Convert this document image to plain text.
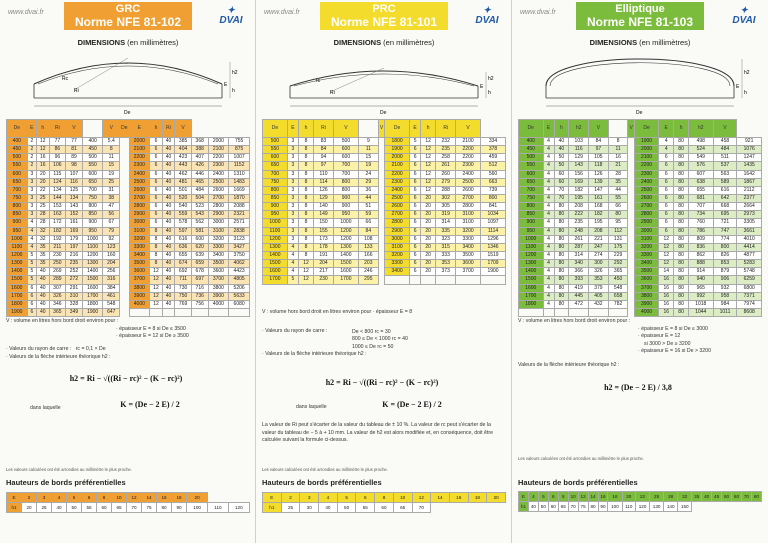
www.dvai.fr	GRC
Norme NFE 81-102
✦
DVAI
DIMENSIONS (en millimètres)
Rc
Ri
h2
h
E
De
De	E	h	Ri	V		V	De	E	h	Ri	V			
400	2	12	77	77	400	5.4		2000	6	40	385	368	2000	755
450	2	12	86	81	450	8		2100	6	40	404	388	2100	875
500	2	16	96	89	500	11		2200	6	40	423	407	2200	1007
550	2	16	106	98	550	15		2300	6	40	443	426	2300	1152
600	3	20	115	107	600	19		2400	6	40	462	446	2400	1310
650	3	20	124	116	650	25		2500	6	40	481	465	2500	1483
700	3	22	134	125	700	31		2600	6	40	501	484	2600	1669
750	3	25	144	134	750	38		2700	6	40	520	504	2700	1870
800	3	25	153	143	800	47		2800	6	40	540	523	2800	2088
850	3	28	163	152	850	56		2900	6	40	559	543	2900	2321
900	4	28	172	161	900	67		3000	6	40	578	562	3000	2571
950	4	32	182	169	950	79		3100	8	40	597	581	3100	2838
1000	4	32	192	179	1000	92		3200	8	40	616	600	3200	3123
1100	4	35	211	197	1100	123		3300	8	40	636	620	3300	3427
1200	5	35	230	216	1200	160		3400	8	40	655	639	3400	3750
1300	5	35	250	235	1300	204		3500	8	40	674	659	3500	4062
1400	5	40	269	252	1400	256		3600	12	40	692	678	3600	4423
1500	5	40	289	272	1500	316		3700	12	40	711	697	3700	4805
1600	6	40	307	291	1600	384		3800	12	40	730	716	3800	5206
1700	6	40	326	310	1700	461		3900	12	40	750	736	3900	5633
1800	6	40	346	328	1800	548		4000	12	40	769	756	4000	6080
1900	6	40	365	349	1900	647								
V : volume en litres hors bord droit environ pour :
· épaisseur E = 8 si De ≤ 3500
· épaisseur E = 12 si De ≥ 3500
· Valeurs du rayon de carre : rc = 0,1 × De
· Valeurs de la flèche intérieure théorique h2 :
h2 = Ri − √((Ri − rc)² − (K − rc)²)
dans laquelle	K = (De − 2 E) / 2
Les valeurs calculées ont été arrondies au millimètre le plus proche.
Hauteurs de bords préférentielles
E	2	3	4	5	6	8	10	12	14	16	18	20		
h1	20	25	40	50	55	60	65	70	75	80	90	100	110	120
www.dvai.fr	PRC
Norme NFE 81-101
✦
DVAI
DIMENSIONS (en millimètres)
rc
Ri
h2
h
E
De
De	E	h	Ri	V		V	De	E	h	Ri	V	
500	3	8	83	500	9		1800	5	12	232	2100	334
550	3	8	84	600	11		1900	6	12	235	2200	378
600	3	8	94	600	15		2000	6	12	258	2200	459
650	3	8	97	700	19		2100	6	12	261	2300	512
700	3	8	110	700	24		2200	6	12	260	2400	560
750	3	8	114	800	29		2300	6	12	279	2500	663
800	3	8	126	800	36		2400	6	12	288	2600	739
850	3	8	129	900	44		2500	6	20	302	2700	800
900	3	8	140	900	51		2600	6	20	305	2800	841
950	3	8	149	950	59		2700	6	20	319	3100	1034
1000	3	8	150	1000	66		2800	6	20	314	3100	1097
1100	3	8	155	1200	84		2900	6	20	335	3200	1114
1200	3	8	173	1200	108		3000	6	20	323	3300	1296
1300	4	8	178	1300	133		3100	6	20	315	3400	1346
1400	4	8	191	1400	166		3200	6	20	333	3500	1519
1500	4	12	204	1500	203		3300	6	20	353	3600	1709
1600	4	12	217	1600	246		3400	6	20	373	3700	1900
1700	5	12	230	1700	295							
V : volume hors bord droit en litres environ pour · épaisseur E = 8
· Valeurs du rayon de carre :	De < 800 rc = 30
800 ≤ De < 1000 rc = 40
1000 ≤ De rc = 50
· Valeurs de la flèche intérieure théorique h2 :
h2 = Ri − √((Ri − rc)² − (K − rc)²)
dans laquelle	K = (De − 2 E) / 2
La valeur de Ri peut s'écarter de la valeur du tableau de ± 10 %. La valeur de rc peut s'écarter de la valeur du tableau de − 5 à + 10 mm. La valeur de h2 est alors modifiée et, en conséquence, doit être calculée suivant la formule ci-dessus.
Les valeurs calculées ont été arrondies au millimètre le plus proche.
Hauteurs de bords préférentielles
E	2	3	4	5	6	8	10	12	14	16	18	20
h1	25	30	40	50	55	60	65	70				
www.dvai.fr	Elliptique
Norme NFE 81-103
✦
DVAI
DIMENSIONS (en millimètres)
h2
h
E
De
De	E	h	h2	V		V	De	E	h	h2	V	
400	4	40	103	84	8		1900	4	80	498	458	921
450	4	40	116	97	11		2000	4	80	524	484	1076
500	4	50	129	105	16		2100	6	80	549	511	1247
550	4	50	143	118	21		2200	6	80	576	537	1435
600	4	60	156	126	28		2300	6	80	607	563	1642
650	4	60	169	139	35		2400	6	80	638	589	1867
700	4	70	182	147	44		2500	6	80	655	616	2112
750	4	70	195	161	55		2600	6	80	681	642	2377
800	4	80	208	168	66		2700	6	80	707	668	2664
850	4	80	222	182	80		2800	6	80	734	695	2973
900	4	80	235	195	95		2900	6	80	760	721	3305
950	4	80	248	208	112		3000	6	80	786	747	3661
1000	4	80	261	221	131		3100	12	80	809	774	4010
1100	4	80	287	247	175		3200	12	80	836	800	4414
1200	4	80	314	274	229		3300	12	80	862	826	4877
1300	4	80	340	300	292		3400	12	80	888	853	5283
1400	4	80	366	326	365		3500	14	80	914	879	5748
1500	4	80	393	353	450		3600	16	80	940	906	6259
1600	4	80	419	379	548		3700	16	80	965	932	6800
1700	4	80	445	405	658		3800	16	80	992	958	7371
1800	4	80	472	432	782		3900	16	80	1018	984	7974
							4000	16	80	1044	1011	8608
V : volume en litres hors bord droit environ pour :
· épaisseur E = 8 si De ≤ 3000
· épaisseur E = 12
si 3000 > De ≥ 3200
· épaisseur E = 16 si De > 3200
Valeurs de la flèche intérieure théorique h2 :
h2 = (De − 2 E) / 3,8
Les valeurs calculées ont été arrondies au millimètre le plus proche.
Hauteurs de bords préférentielles
E	4	5	6	8	10	12	14	16	18	20	22	25	28	32	35	40	45	50	60	70	80
h1	40	50	60	65	70	75	80	90	100	110	120	130	140	150							
